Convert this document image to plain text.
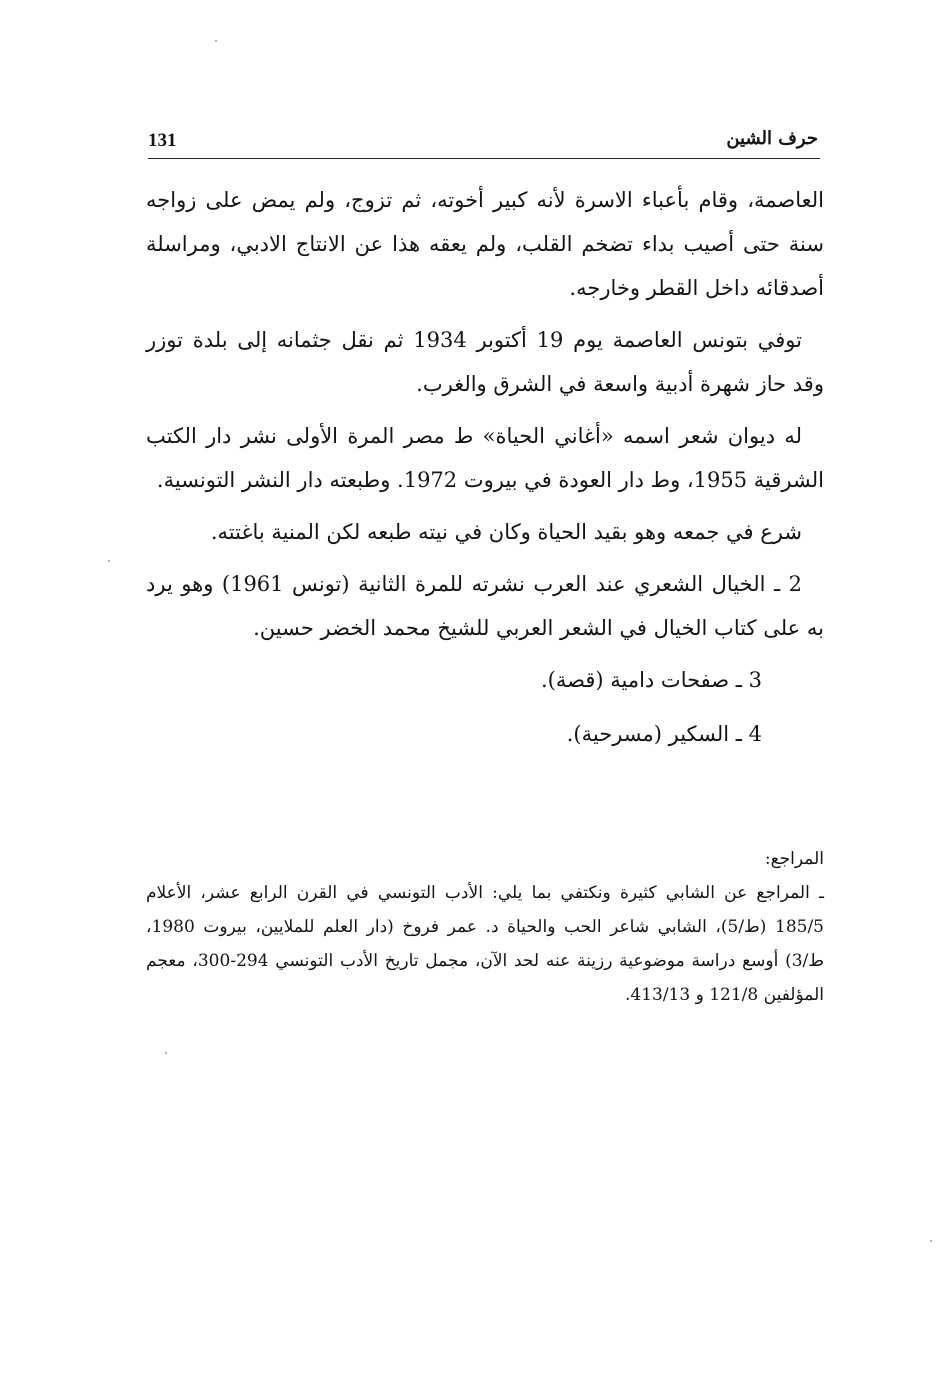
131	حرف الشين

العاصمة، وقام بأعباء الاسرة لأنه كبير أخوته، ثم تزوج، ولم يمض على زواجه سنة حتى أصيب بداء تضخم القلب، ولم يعقه هذا عن الانتاج الادبي، ومراسلة أصدقائه داخل القطر وخارجه.

توفي بتونس العاصمة يوم 19 أكتوبر 1934 ثم نقل جثمانه إلى بلدة توزر وقد حاز شهرة أدبية واسعة في الشرق والغرب.

له ديوان شعر اسمه «أغاني الحياة» ط مصر المرة الأولى نشر دار الكتب الشرقية 1955، وط دار العودة في بيروت 1972. وطبعته دار النشر التونسية.

شرع في جمعه وهو بقيد الحياة وكان في نيته طبعه لكن المنية باغتته.

2 ـ الخيال الشعري عند العرب نشرته للمرة الثانية (تونس 1961) وهو يرد به على كتاب الخيال في الشعر العربي للشيخ محمد الخضر حسين.

3 ـ صفحات دامية (قصة).

4 ـ السكير (مسرحية).

المراجع:

ـ المراجع عن الشابي كثيرة ونكتفي بما يلي: الأدب التونسي في القرن الرابع عشر، الأعلام 185/5 (ط/5)، الشابي شاعر الحب والحياة د. عمر فروخ (دار العلم للملايين، بيروت 1980، ط/3) أوسع دراسة موضوعية رزينة عنه لحد الآن، مجمل تاريخ الأدب التونسي 294-300، معجم المؤلفين 121/8 و 413/13.
